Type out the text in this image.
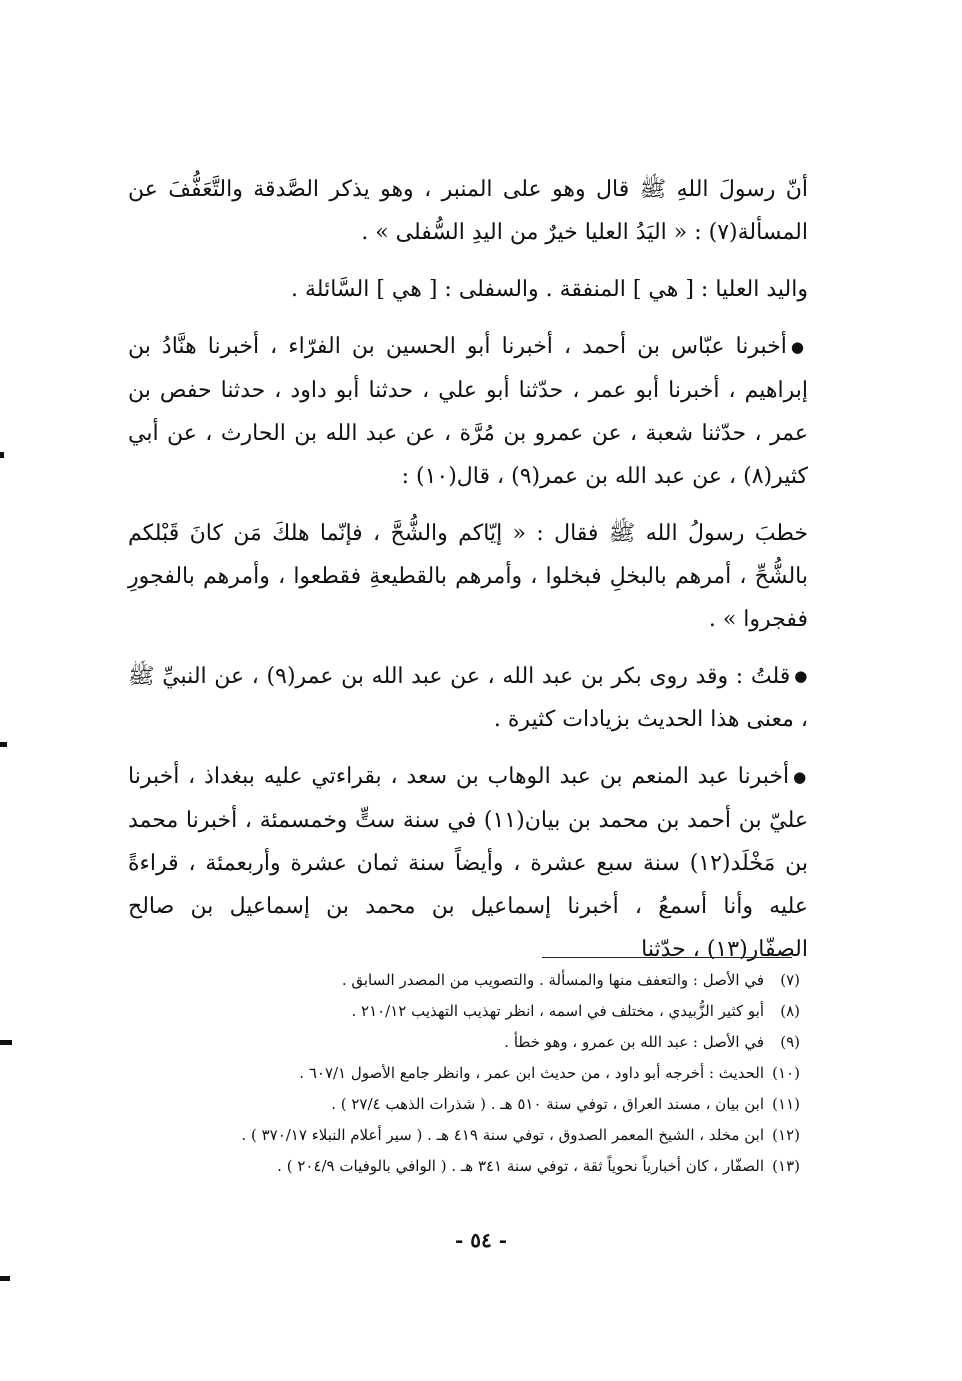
أنّ رسولَ اللهِ ﷺ قال وهو على المنبر ، وهو يذكر الصَّدقة والتَّعَفُّفَ عن المسألة(٧) : « اليَدُ العليا خيرٌ من اليدِ السُّفلى » .

واليد العليا : [ هي ] المنفقة . والسفلى : [ هي ] السَّائلة .

● أخبرنا عبّاس بن أحمد ، أخبرنا أبو الحسين بن الفرّاء ، أخبرنا هنَّادُ بن إبراهيم ، أخبرنا أبو عمر ، حدّثنا أبو علي ، حدثنا أبو داود ، حدثنا حفص بن عمر ، حدّثنا شعبة ، عن عمرو بن مُرَّة ، عن عبد الله بن الحارث ، عن أبي كثير(٨) ، عن عبد الله بن عمر(٩) ، قال(١٠) :

خطبَ رسولُ الله ﷺ فقال : « إيّاكم والشُّحَّ ، فإنّما هلكَ مَن كانَ قَبْلكم بالشُّحِّ ، أمرهم بالبخلِ فبخلوا ، وأمرهم بالقطيعةِ فقطعوا ، وأمرهم بالفجورِ ففجروا » .

● قلتُ : وقد روى بكر بن عبد الله ، عن عبد الله بن عمر(٩) ، عن النبيِّ ﷺ ، معنى هذا الحديث بزيادات كثيرة .

● أخبرنا عبد المنعم بن عبد الوهاب بن سعد ، بقراءتي عليه ببغداذ ، أخبرنا عليّ بن أحمد بن محمد بن بيان(١١) في سنة ستٍّ وخمسمئة ، أخبرنا محمد بن مَخْلَد(١٢) سنة سبع عشرة ، وأيضاً سنة ثمان عشرة وأربعمئة ، قراءةً عليه وأنا أسمعُ ، أخبرنا إسماعيل بن محمد بن إسماعيل بن صالح الصفّار(١٣) ، حدّثنا

(٧)
في الأصل : والتعفف منها والمسألة . والتصويب من المصدر السابق .
(٨)
أبو كثير الزُّبيدي ، مختلف في اسمه ، انظر تهذيب التهذيب ٢١٠/١٢ .
(٩)
في الأصل : عبد الله بن عمرو ، وهو خطأ .
(١٠)
الحديث : أخرجه أبو داود ، من حديث ابن عمر ، وانظر جامع الأصول ٦٠٧/١ .
(١١)
ابن بيان ، مسند العراق ، توفي سنة ٥١٠ هـ . ( شذرات الذهب ٢٧/٤ ) .
(١٢)
ابن مخلد ، الشيخ المعمر الصدوق ، توفي سنة ٤١٩ هـ . ( سير أعلام النبلاء ٣٧٠/١٧ ) .
(١٣)
الصفّار ، كان أخبارياً نحوياً ثقة ، توفي سنة ٣٤١ هـ . ( الوافي بالوفيات ٢٠٤/٩ ) .
- ٥٤ -
